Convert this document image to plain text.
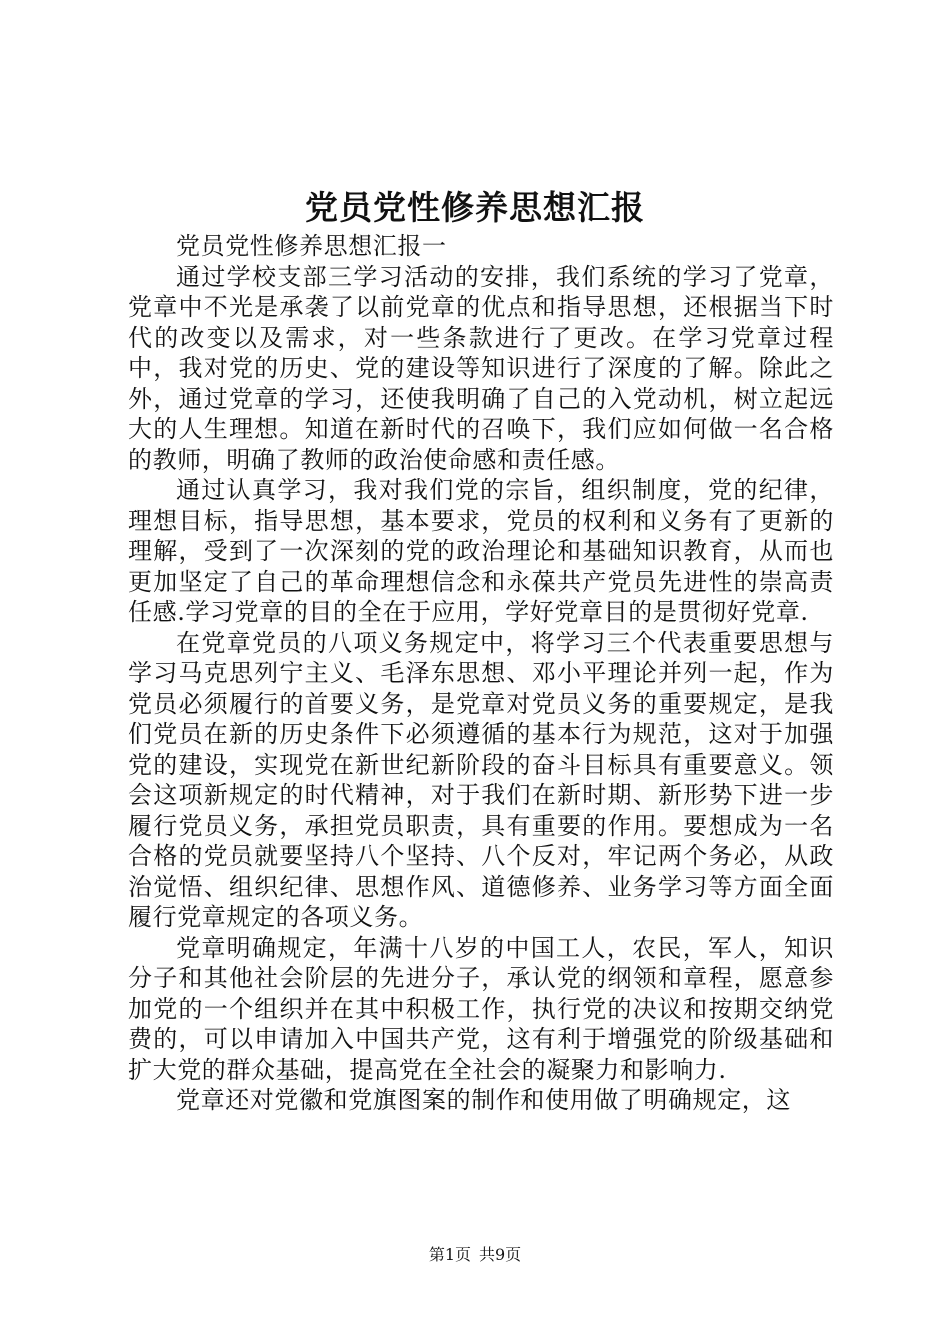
党员党性修养思想汇报

党员党性修养思想汇报一

通过学校支部三学习活动的安排，我们系统的学习了党章，党章中不光是承袭了以前党章的优点和指导思想，还根据当下时代的改变以及需求，对一些条款进行了更改。在学习党章过程中，我对党的历史、党的建设等知识进行了深度的了解。除此之外，通过党章的学习，还使我明确了自己的入党动机，树立起远大的人生理想。知道在新时代的召唤下，我们应如何做一名合格的教师，明确了教师的政治使命感和责任感。

通过认真学习，我对我们党的宗旨，组织制度，党的纪律，理想目标，指导思想，基本要求，党员的权利和义务有了更新的理解，受到了一次深刻的党的政治理论和基础知识教育，从而也更加坚定了自己的革命理想信念和永葆共产党员先进性的崇高责任感.学习党章的目的全在于应用，学好党章目的是贯彻好党章.

在党章党员的八项义务规定中，将学习三个代表重要思想与学习马克思列宁主义、毛泽东思想、邓小平理论并列一起，作为党员必须履行的首要义务，是党章对党员义务的重要规定，是我们党员在新的历史条件下必须遵循的基本行为规范，这对于加强党的建设，实现党在新世纪新阶段的奋斗目标具有重要意义。领会这项新规定的时代精神，对于我们在新时期、新形势下进一步履行党员义务，承担党员职责，具有重要的作用。要想成为一名合格的党员就要坚持八个坚持、八个反对，牢记两个务必，从政治觉悟、组织纪律、思想作风、道德修养、业务学习等方面全面履行党章规定的各项义务。

党章明确规定，年满十八岁的中国工人，农民，军人，知识分子和其他社会阶层的先进分子，承认党的纲领和章程，愿意参加党的一个组织并在其中积极工作，执行党的决议和按期交纳党费的，可以申请加入中国共产党，这有利于增强党的阶级基础和扩大党的群众基础，提高党在全社会的凝聚力和影响力.

党章还对党徽和党旗图案的制作和使用做了明确规定，这

第1页 共9页
